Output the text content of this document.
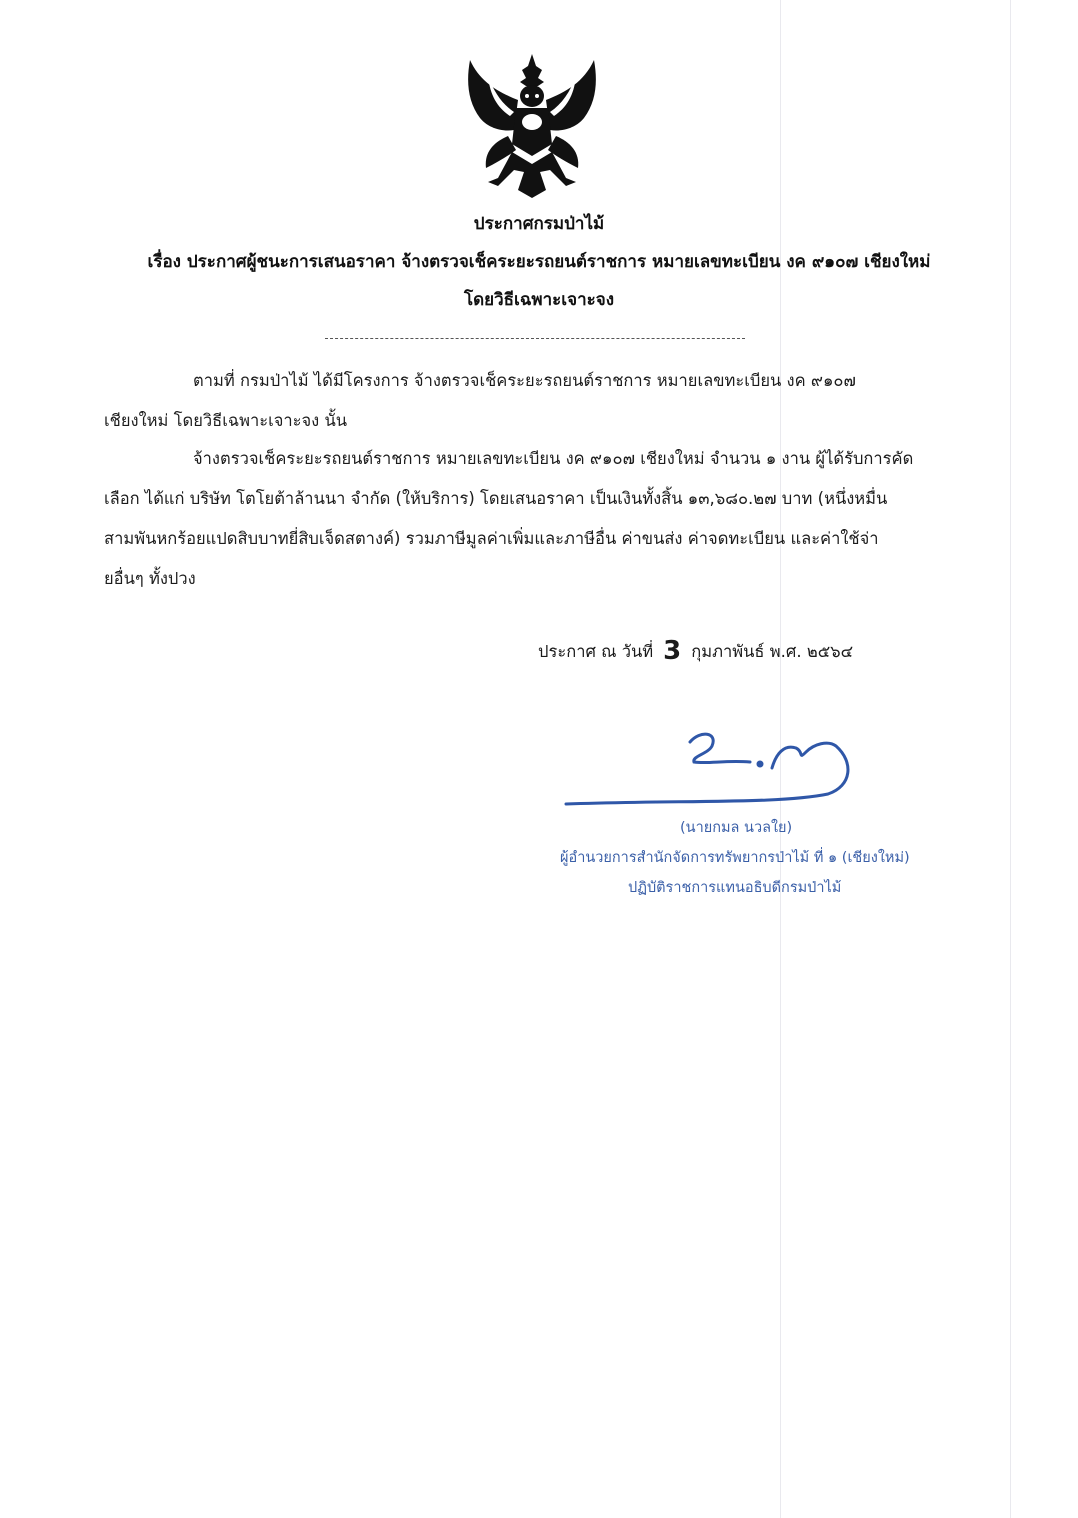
ประกาศกรมป่าไม้
เรื่อง ประกาศผู้ชนะการเสนอราคา จ้างตรวจเช็คระยะรถยนต์ราชการ หมายเลขทะเบียน งค ๙๑๐๗ เชียงใหม่
โดยวิธีเฉพาะเจาะจง
ตามที่ กรมป่าไม้ ได้มีโครงการ จ้างตรวจเช็คระยะรถยนต์ราชการ หมายเลขทะเบียน งค ๙๑๐๗
เชียงใหม่ โดยวิธีเฉพาะเจาะจง นั้น
จ้างตรวจเช็คระยะรถยนต์ราชการ หมายเลขทะเบียน งค ๙๑๐๗ เชียงใหม่ จำนวน ๑ งาน ผู้ได้รับการคัด
เลือก ได้แก่ บริษัท โตโยต้าล้านนา จำกัด (ให้บริการ) โดยเสนอราคา เป็นเงินทั้งสิ้น ๑๓,๖๘๐.๒๗ บาท (หนึ่งหมื่น
สามพันหกร้อยแปดสิบบาทยี่สิบเจ็ดสตางค์) รวมภาษีมูลค่าเพิ่มและภาษีอื่น ค่าขนส่ง ค่าจดทะเบียน และค่าใช้จ่า
ยอื่นๆ ทั้งปวง
ประกาศ ณ วันที่ 3 กุมภาพันธ์ พ.ศ. ๒๕๖๔
(นายกมล นวลใย)
ผู้อำนวยการสำนักจัดการทรัพยากรป่าไม้ ที่ ๑ (เชียงใหม่)
ปฏิบัติราชการแทนอธิบดีกรมป่าไม้
